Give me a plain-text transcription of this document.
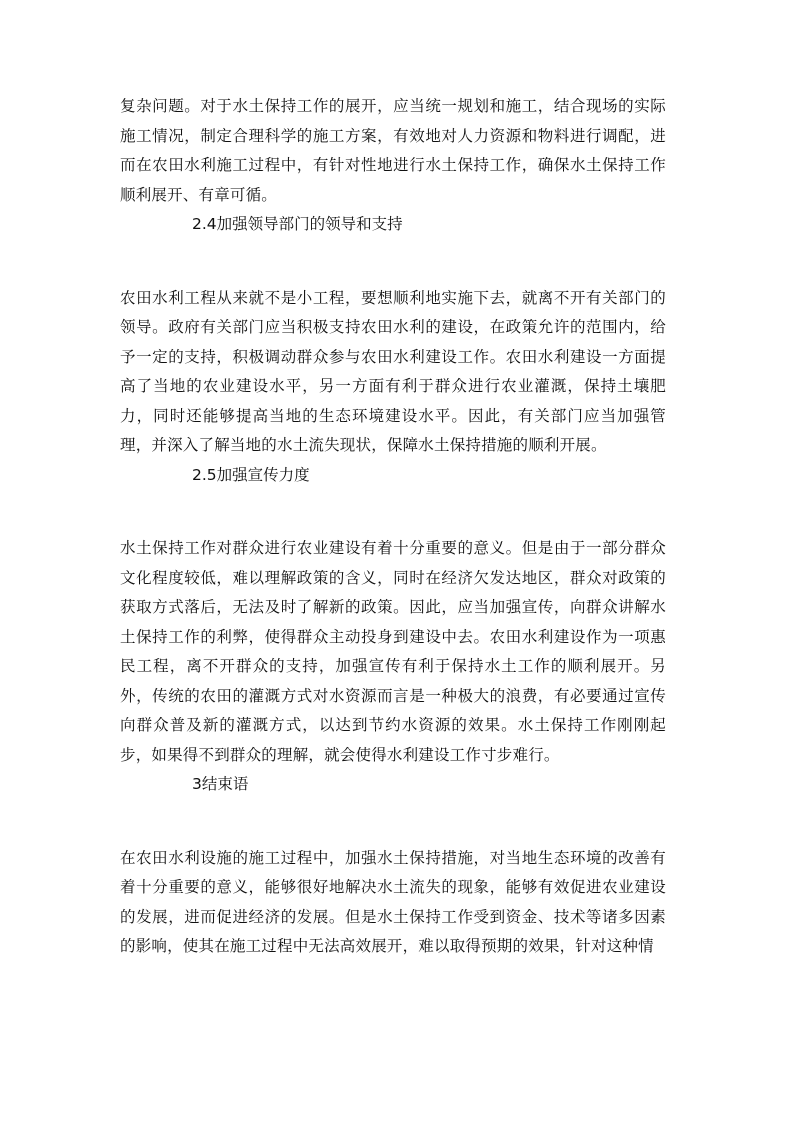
复杂问题。对于水土保持工作的展开，应当统一规划和施工，结合现场的实际施工情况，制定合理科学的施工方案，有效地对人力资源和物料进行调配，进而在农田水利施工过程中，有针对性地进行水土保持工作，确保水土保持工作顺利展开、有章可循。

2.4加强领导部门的领导和支持

农田水利工程从来就不是小工程，要想顺利地实施下去，就离不开有关部门的领导。政府有关部门应当积极支持农田水利的建设，在政策允许的范围内，给予一定的支持，积极调动群众参与农田水利建设工作。农田水利建设一方面提高了当地的农业建设水平，另一方面有利于群众进行农业灌溉，保持土壤肥力，同时还能够提高当地的生态环境建设水平。因此，有关部门应当加强管理，并深入了解当地的水土流失现状，保障水土保持措施的顺利开展。

2.5加强宣传力度

水土保持工作对群众进行农业建设有着十分重要的意义。但是由于一部分群众文化程度较低，难以理解政策的含义，同时在经济欠发达地区，群众对政策的获取方式落后，无法及时了解新的政策。因此，应当加强宣传，向群众讲解水土保持工作的利弊，使得群众主动投身到建设中去。农田水利建设作为一项惠民工程，离不开群众的支持，加强宣传有利于保持水土工作的顺利展开。另外，传统的农田的灌溉方式对水资源而言是一种极大的浪费，有必要通过宣传向群众普及新的灌溉方式，以达到节约水资源的效果。水土保持工作刚刚起步，如果得不到群众的理解，就会使得水利建设工作寸步难行。

3结束语

在农田水利设施的施工过程中，加强水土保持措施，对当地生态环境的改善有着十分重要的意义，能够很好地解决水土流失的现象，能够有效促进农业建设的发展，进而促进经济的发展。但是水土保持工作受到资金、技术等诸多因素的影响，使其在施工过程中无法高效展开，难以取得预期的效果，针对这种情
